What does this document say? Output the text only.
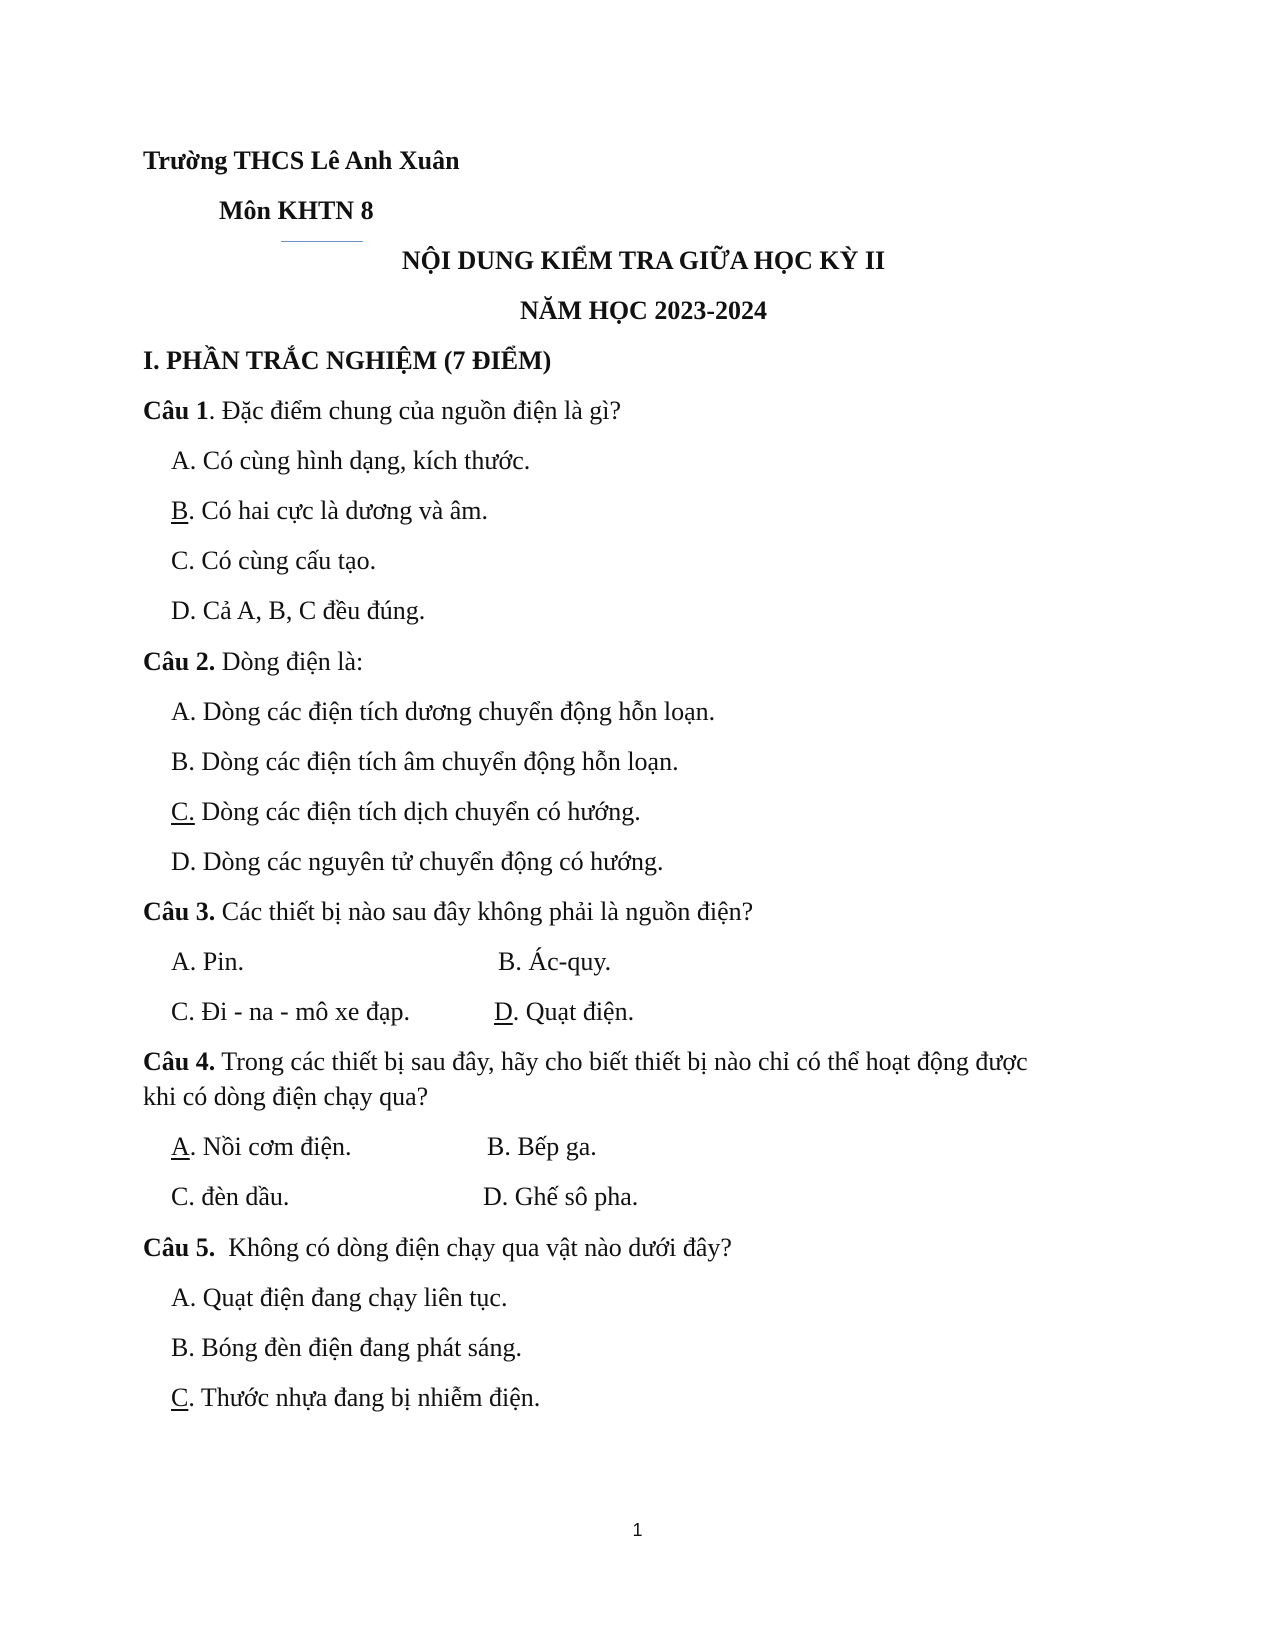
Trường THCS Lê Anh Xuân
Môn KHTN 8
NỘI DUNG KIỂM TRA GIỮA HỌC KỲ II
NĂM HỌC 2023-2024
I. PHẦN TRẮC NGHIỆM (7 ĐIỂM)
Câu 1. Đặc điểm chung của nguồn điện là gì?
A. Có cùng hình dạng, kích thước.
B. Có hai cực là dương và âm.
C. Có cùng cấu tạo.
D. Cả A, B, C đều đúng.
Câu 2. Dòng điện là:
A. Dòng các điện tích dương chuyển động hỗn loạn.
B. Dòng các điện tích âm chuyển động hỗn loạn.
C. Dòng các điện tích dịch chuyển có hướng.
D. Dòng các nguyên tử chuyển động có hướng.
Câu 3. Các thiết bị nào sau đây không phải là nguồn điện?
A. Pin.	B. Ác-quy.
C. Đi - na - mô xe đạp.	D. Quạt điện.
Câu 4. Trong các thiết bị sau đây, hãy cho biết thiết bị nào chỉ có thể hoạt động được
khi có dòng điện chạy qua?
A. Nồi cơm điện.	B. Bếp ga.
C. đèn dầu.	D. Ghế sô pha.
Câu 5.  Không có dòng điện chạy qua vật nào dưới đây?
A. Quạt điện đang chạy liên tục.
B. Bóng đèn điện đang phát sáng.
C. Thước nhựa đang bị nhiễm điện.
1
